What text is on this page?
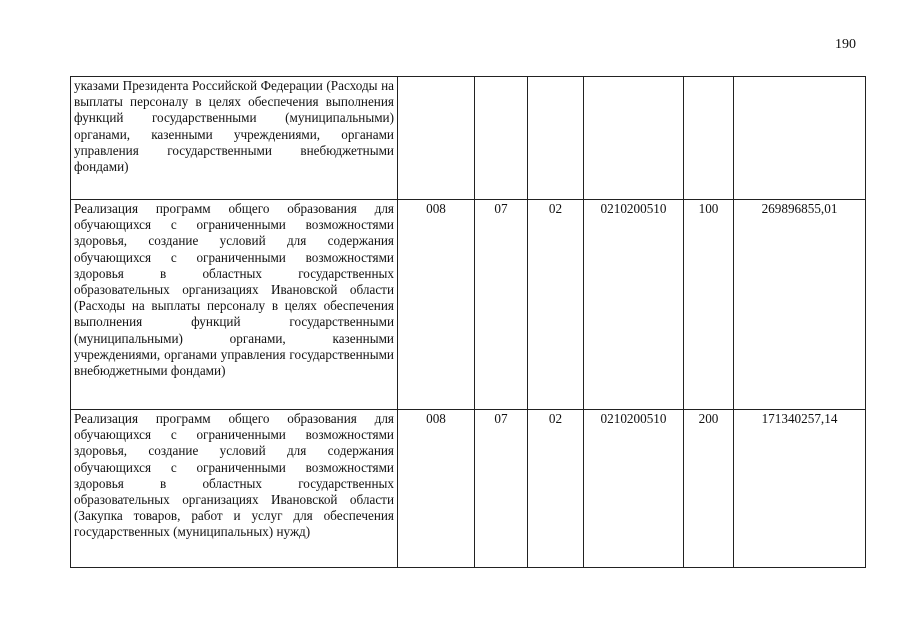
190
указами Президента Российской Федерации (Расходы на выплаты персоналу в целях обеспечения выполнения функций государственными (муниципальными) органами, казенными учреждениями, органами управления государственными внебюджетными фондами)						
Реализация программ общего образования для обучающихся с ограниченными возможностями здоровья, создание условий для содержания обучающихся с ограниченными возможностями здоровья в областных государственных образовательных организациях Ивановской области (Расходы на выплаты персоналу в целях обеспечения выполнения функций государственными (муниципальными) органами, казенными учреждениями, органами управления государственными внебюджетными фондами)	008	07	02	0210200510	100	269896855,01
Реализация программ общего образования для обучающихся с ограниченными возможностями здоровья, создание условий для содержания обучающихся с ограниченными возможностями здоровья в областных государственных образовательных организациях Ивановской области (Закупка товаров, работ и услуг для обеспечения государственных (муниципальных) нужд)	008	07	02	0210200510	200	171340257,14
